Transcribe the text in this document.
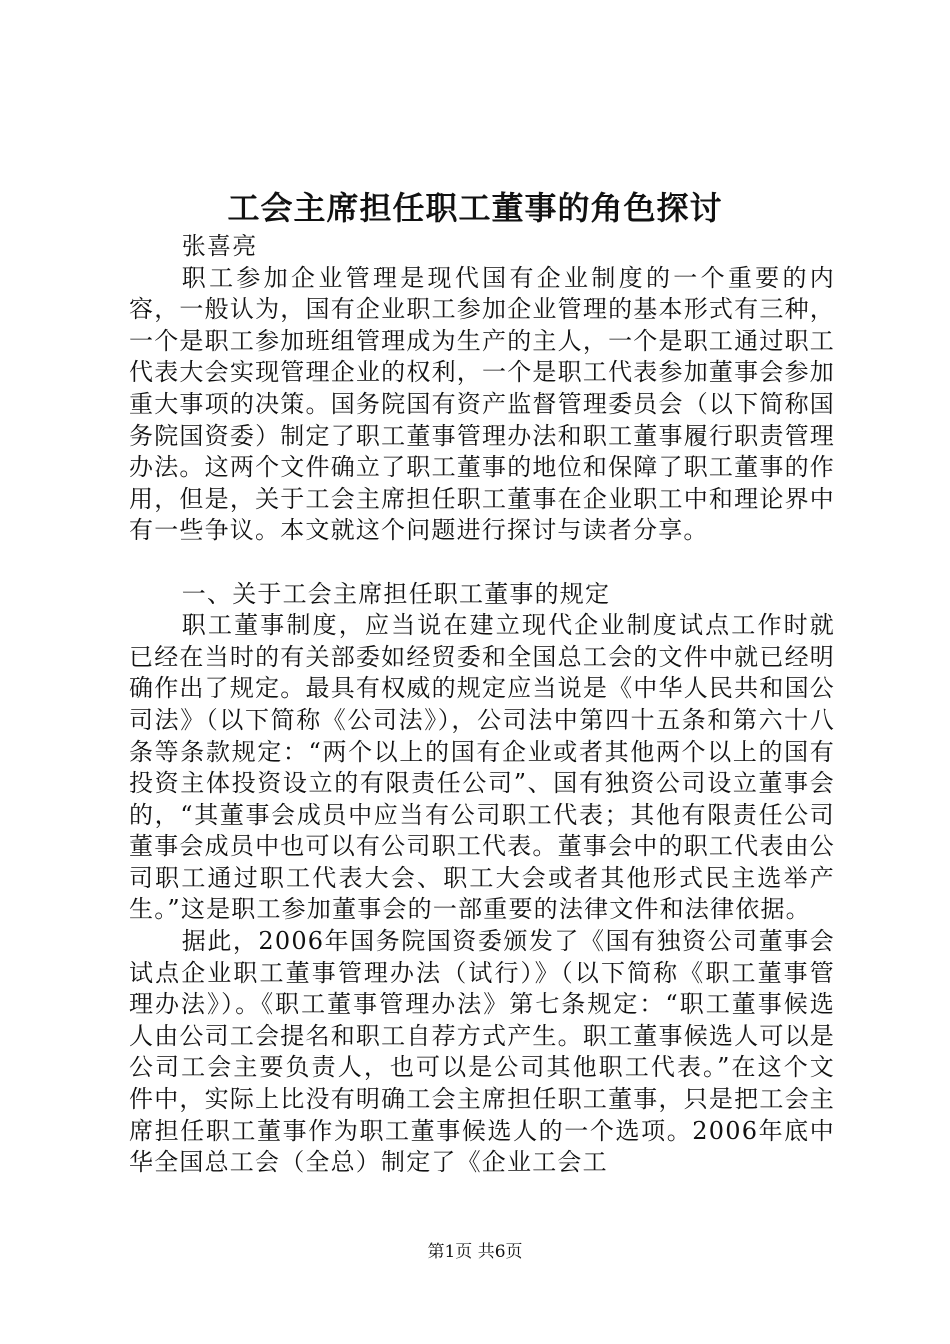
工会主席担任职工董事的角色探讨

张喜亮

职工参加企业管理是现代国有企业制度的一个重要的内容，一般认为，国有企业职工参加企业管理的基本形式有三种，一个是职工参加班组管理成为生产的主人，一个是职工通过职工代表大会实现管理企业的权利，一个是职工代表参加董事会参加重大事项的决策。国务院国有资产监督管理委员会（以下简称国务院国资委）制定了职工董事管理办法和职工董事履行职责管理办法。这两个文件确立了职工董事的地位和保障了职工董事的作用，但是，关于工会主席担任职工董事在企业职工中和理论界中有一些争议。本文就这个问题进行探讨与读者分享。

一、关于工会主席担任职工董事的规定

职工董事制度，应当说在建立现代企业制度试点工作时就已经在当时的有关部委如经贸委和全国总工会的文件中就已经明确作出了规定。最具有权威的规定应当说是《中华人民共和国公司法》（以下简称《公司法》），公司法中第四十五条和第六十八条等条款规定：“两个以上的国有企业或者其他两个以上的国有投资主体投资设立的有限责任公司”、国有独资公司设立董事会的，“其董事会成员中应当有公司职工代表；其他有限责任公司董事会成员中也可以有公司职工代表。董事会中的职工代表由公司职工通过职工代表大会、职工大会或者其他形式民主选举产生。”这是职工参加董事会的一部重要的法律文件和法律依据。

据此，2006年国务院国资委颁发了《国有独资公司董事会试点企业职工董事管理办法（试行）》（以下简称《职工董事管理办法》）。《职工董事管理办法》第七条规定：“职工董事候选人由公司工会提名和职工自荐方式产生。职工董事候选人可以是公司工会主要负责人，也可以是公司其他职工代表。”在这个文件中，实际上比没有明确工会主席担任职工董事，只是把工会主席担任职工董事作为职工董事候选人的一个选项。2006年底中华全国总工会（全总）制定了《企业工会工

第1页 共6页
